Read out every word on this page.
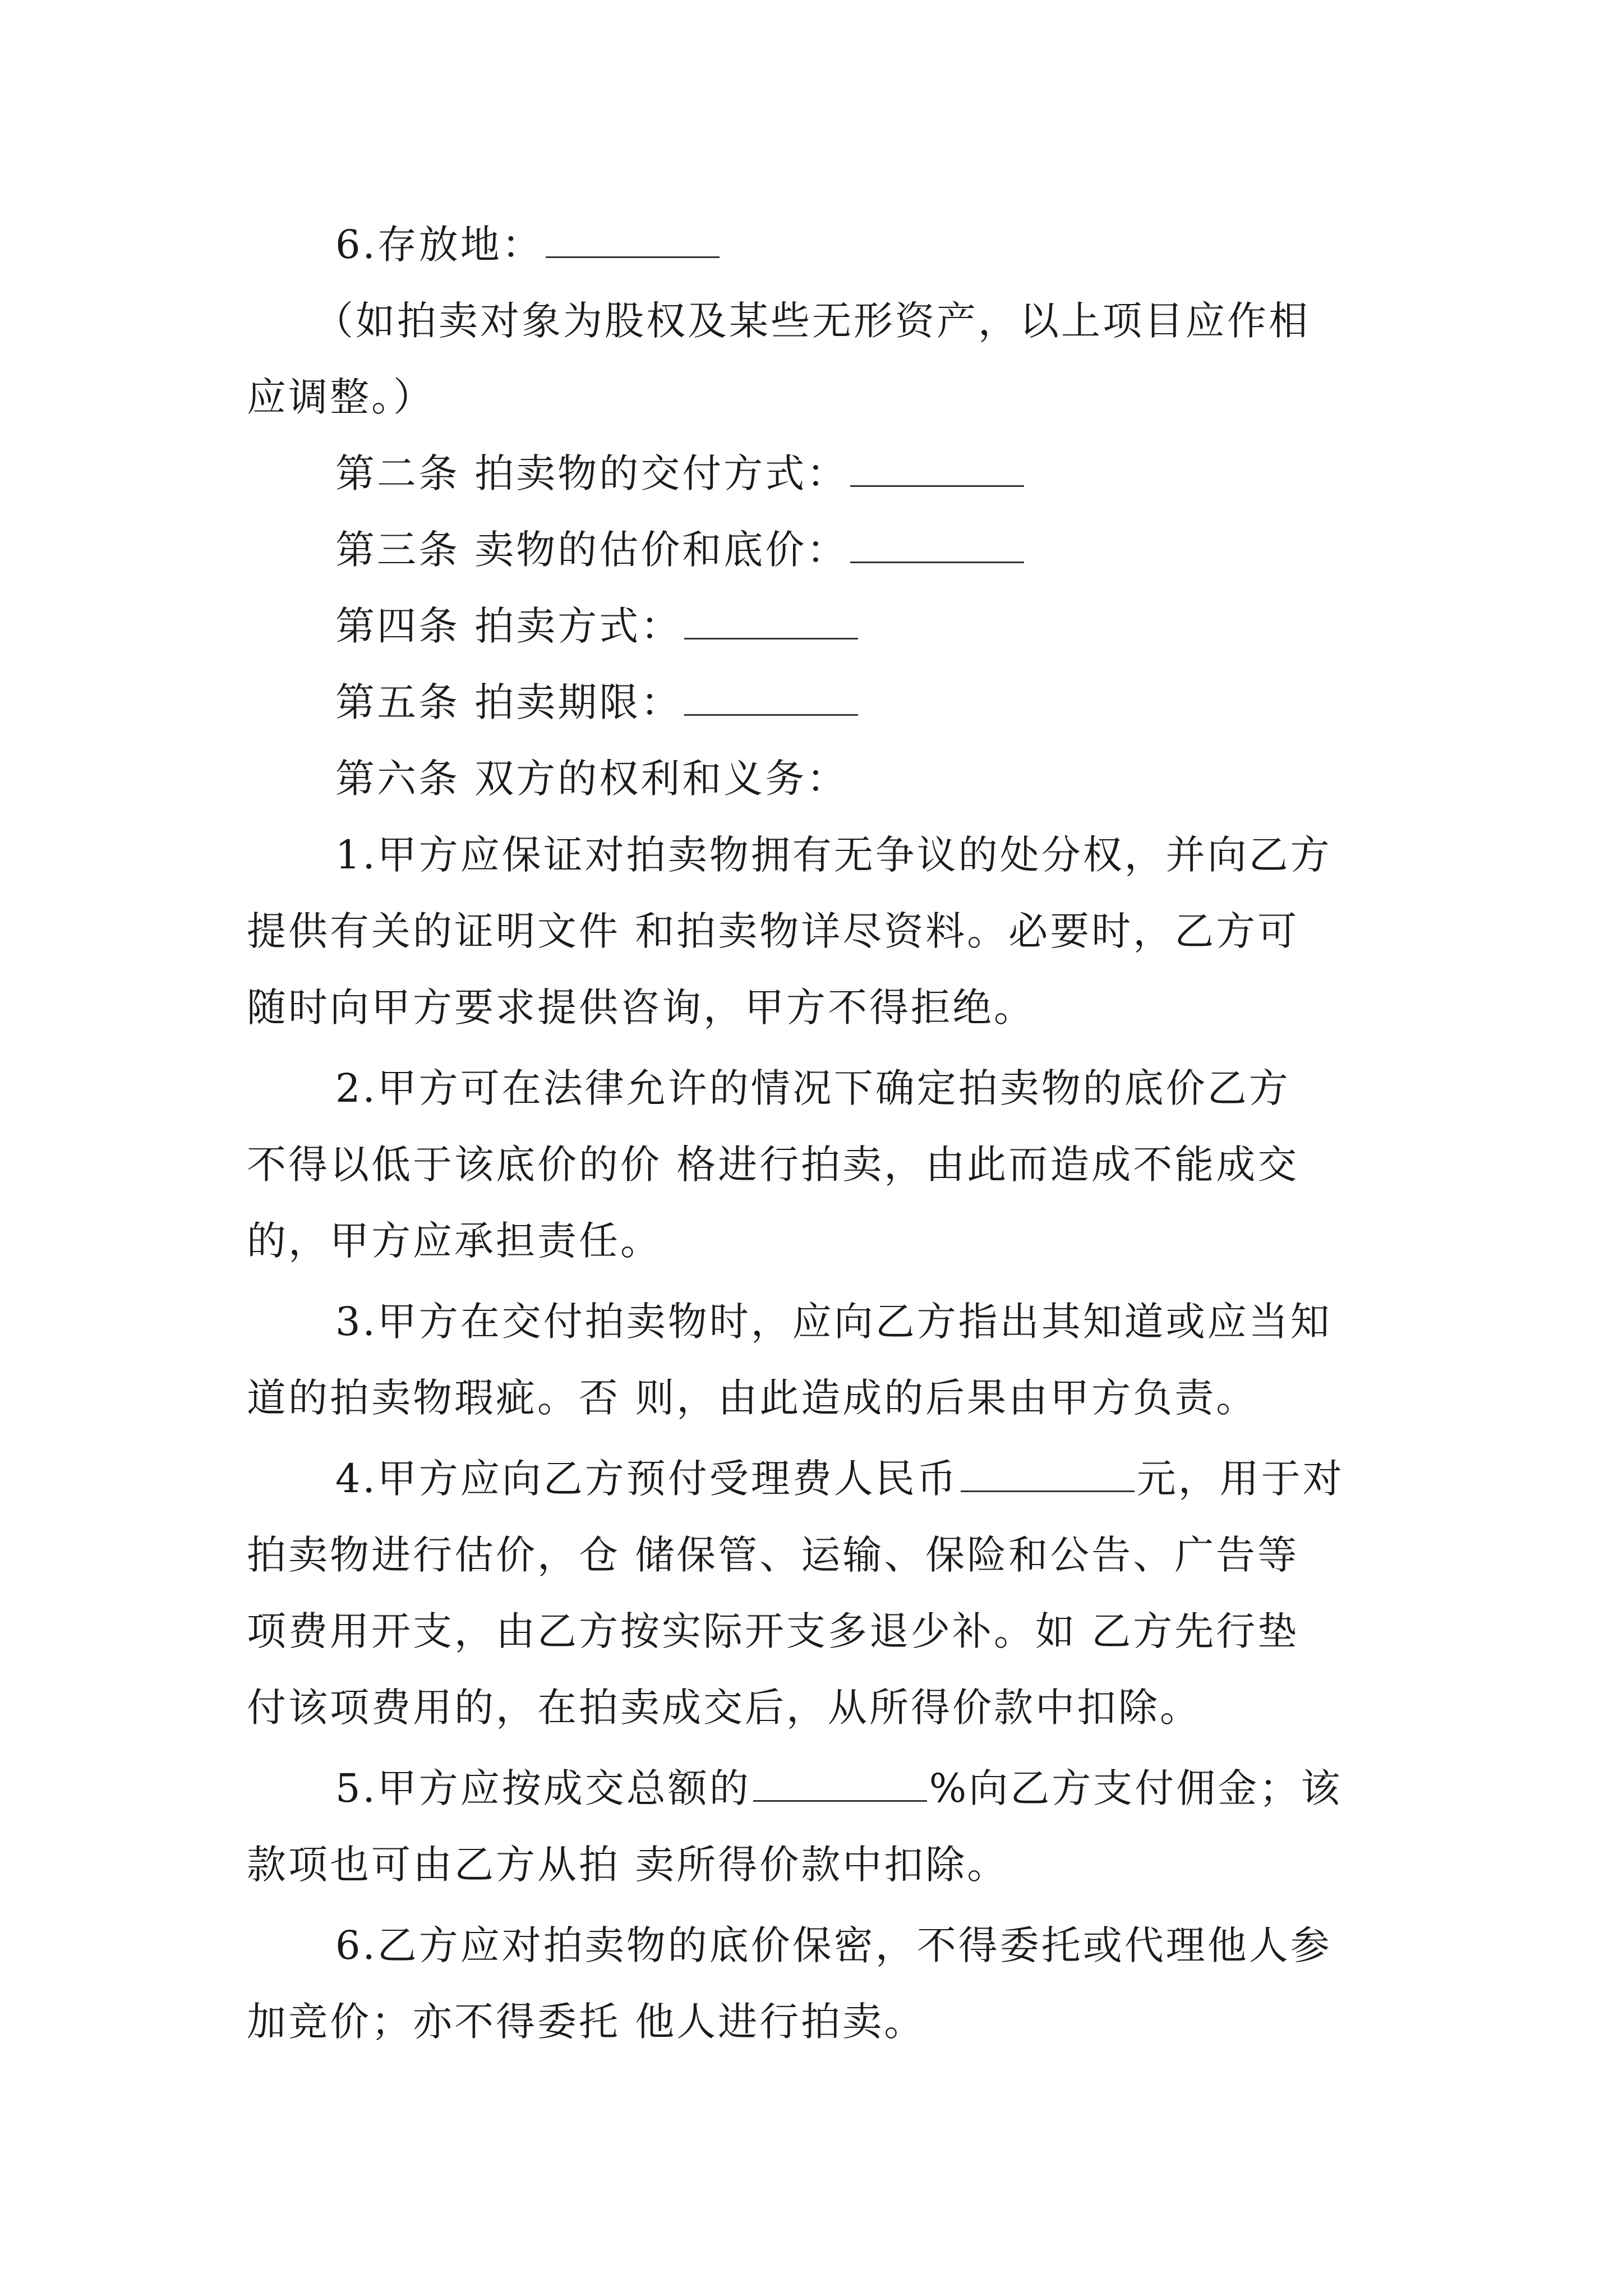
6.存放地：
（如拍卖对象为股权及某些无形资产，以上项目应作相
应调整。）
第二条 拍卖物的交付方式：
第三条 卖物的估价和底价：
第四条 拍卖方式：
第五条 拍卖期限：
第六条 双方的权利和义务：
1.甲方应保证对拍卖物拥有无争议的处分权，并向乙方
提供有关的证明文件 和拍卖物详尽资料。必要时，乙方可
随时向甲方要求提供咨询，甲方不得拒绝。
2.甲方可在法律允许的情况下确定拍卖物的底价乙方
不得以低于该底价的价 格进行拍卖，由此而造成不能成交
的，甲方应承担责任。
3.甲方在交付拍卖物时，应向乙方指出其知道或应当知
道的拍卖物瑕疵。否 则，由此造成的后果由甲方负责。
4.甲方应向乙方预付受理费人民币	元，用于对
拍卖物进行估价，仓 储保管、运输、保险和公告、广告等
项费用开支，由乙方按实际开支多退少补。如 乙方先行垫
付该项费用的，在拍卖成交后，从所得价款中扣除。
5.甲方应按成交总额的	%向乙方支付佣金；该
款项也可由乙方从拍 卖所得价款中扣除。
6.乙方应对拍卖物的底价保密，不得委托或代理他人参
加竞价；亦不得委托 他人进行拍卖。
